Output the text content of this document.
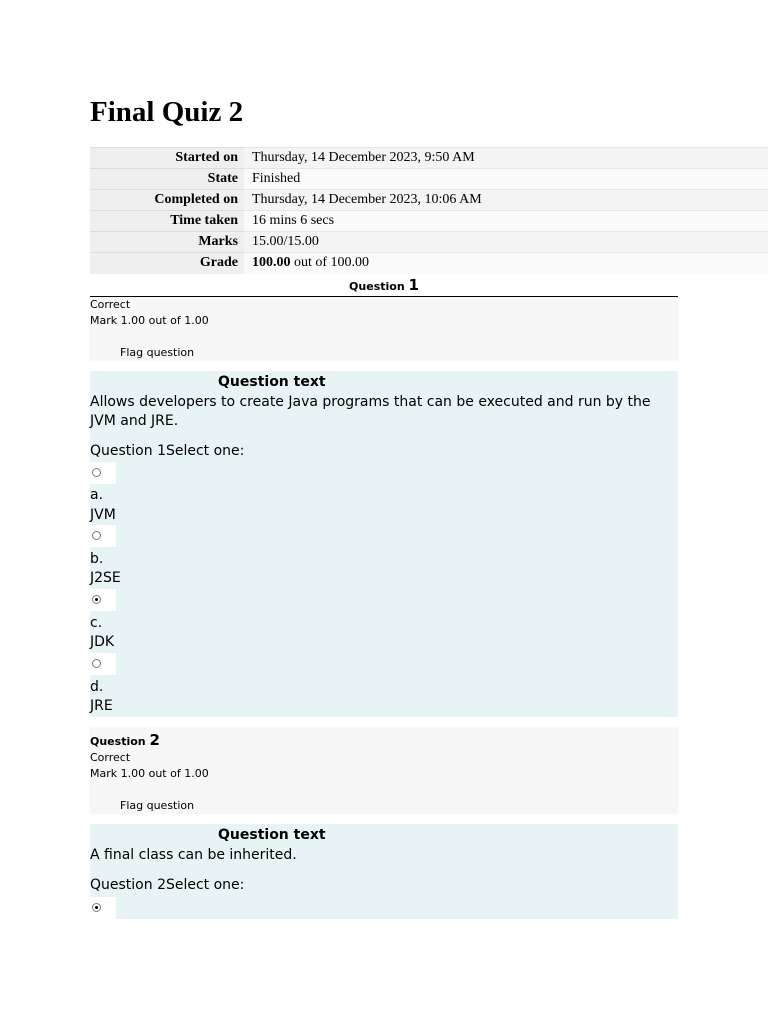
Final Quiz 2
Started on	Thursday, 14 December 2023, 9:50 AM
State	Finished
Completed on	Thursday, 14 December 2023, 10:06 AM
Time taken	16 mins 6 secs
Marks	15.00/15.00
Grade	100.00 out of 100.00
Question 1
Correct
Mark 1.00 out of 1.00
Flag question
Question text
Allows developers to create Java programs that can be executed and run by the JVM and JRE.
Question 1Select one:
a.
JVM
b.
J2SE
c.
JDK
d.
JRE
Question 2
Correct
Mark 1.00 out of 1.00
Flag question
Question text
A final class can be inherited.
Question 2Select one:
